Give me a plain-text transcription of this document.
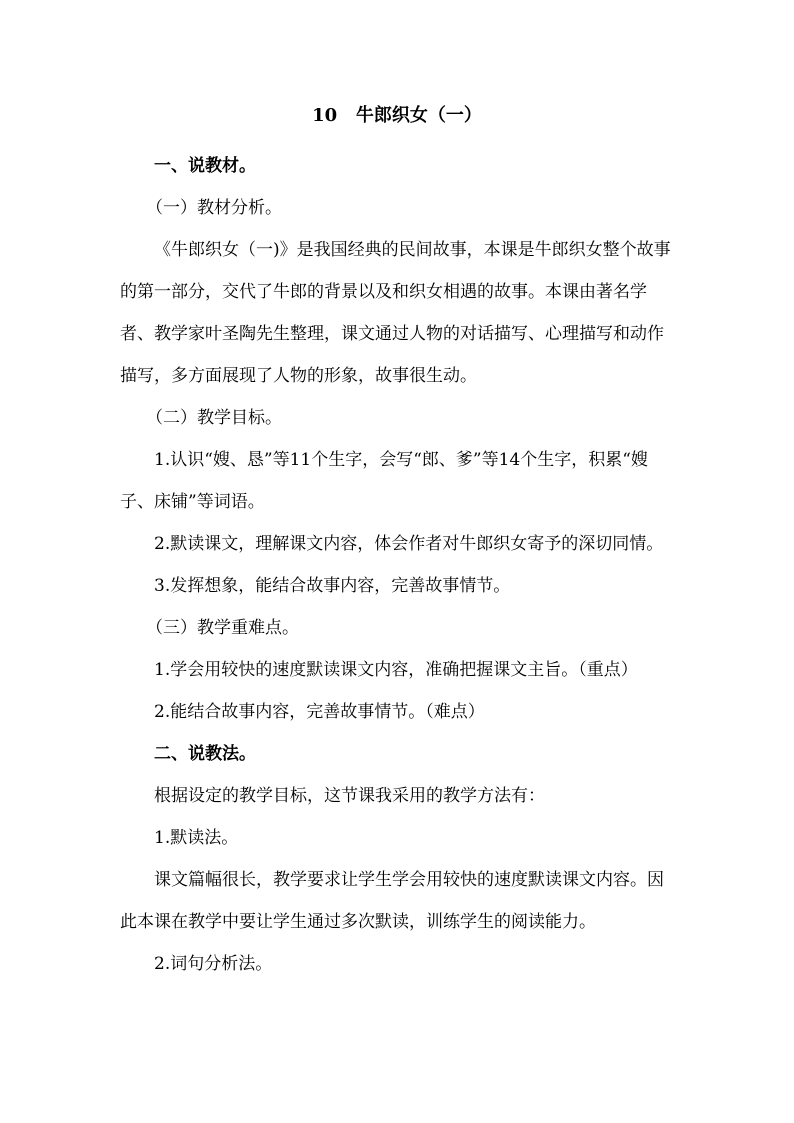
10   牛郎织女（一）

一、说教材。

（一）教材分析。

《牛郎织女（一)》是我国经典的民间故事，本课是牛郎织女整个故事的第一部分，交代了牛郎的背景以及和织女相遇的故事。本课由著名学者、教学家叶圣陶先生整理，课文通过人物的对话描写、心理描写和动作描写，多方面展现了人物的形象，故事很生动。

（二）教学目标。

1.认识“嫂、恳”等11个生字，会写“郎、爹”等14个生字，积累“嫂子、床铺”等词语。

2.默读课文，理解课文内容，体会作者对牛郎织女寄予的深切同情。

3.发挥想象，能结合故事内容，完善故事情节。

（三）教学重难点。

1.学会用较快的速度默读课文内容，准确把握课文主旨。（重点）

2.能结合故事内容，完善故事情节。（难点）

二、说教法。

根据设定的教学目标，这节课我采用的教学方法有：

1.默读法。

课文篇幅很长，教学要求让学生学会用较快的速度默读课文内容。因此本课在教学中要让学生通过多次默读，训练学生的阅读能力。

2.词句分析法。
